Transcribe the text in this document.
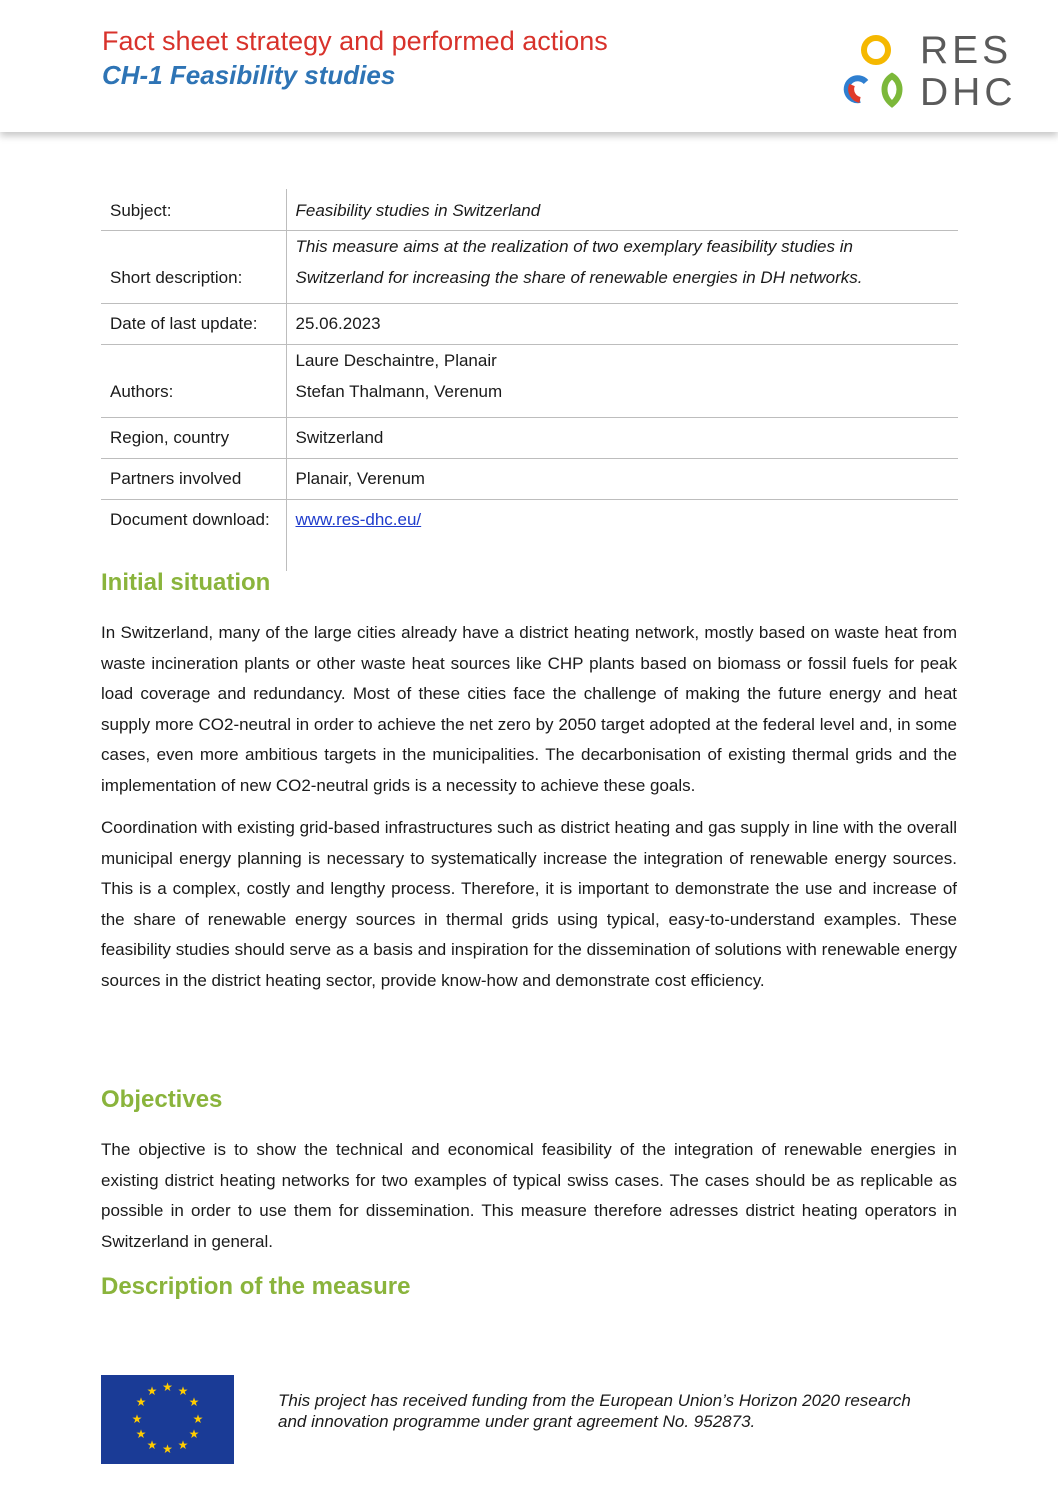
Fact sheet strategy and performed actions
CH-1 Feasibility studies
RES
DHC
Subject:	Feasibility studies in Switzerland
Short description:	This measure aims at the realization of two exemplary feasibility studies in
Switzerland for increasing the share of renewable energies in DH networks.

Date of last update:	25.06.2023
Authors:	Laure Deschaintre, Planair
Stefan Thalmann, Verenum

Region, country	Switzerland
Partners involved	Planair, Verenum
Document download:	www.res-dhc.eu/
Initial situation

In Switzerland, many of the large cities already have a district heating network, mostly based on waste heat from waste incineration plants or other waste heat sources like CHP plants based on biomass or fossil fuels for peak load coverage and redundancy. Most of these cities face the challenge of making the future energy and heat supply more CO2-neutral in order to achieve the net zero by 2050 target adopted at the federal level and, in some cases, even more ambitious targets in the municipalities. The decarbonisation of existing thermal grids and the implementation of new CO2-neutral grids is a necessity to achieve these goals.

Coordination with existing grid-based infrastructures such as district heating and gas supply in line with the overall municipal energy planning is necessary to systematically increase the integration of renewable energy sources. This is a complex, costly and lengthy process. Therefore, it is important to demonstrate the use and increase of the share of renewable energy sources in thermal grids using typical, easy-to-understand examples. These feasibility studies should serve as a basis and inspiration for the dissemination of solutions with renewable energy sources in the district heating sector, provide know-how and demonstrate cost efficiency.

Objectives

The objective is to show the technical and economical feasibility of the integration of renewable energies in existing district heating networks for two examples of typical swiss cases. The cases should be as replicable as possible in order to use them for dissemination. This measure therefore adresses district heating operators in Switzerland in general.

Description of the measure
★ ★
★
★
★
★
★
★
★
★
★
★	This project has received funding from the European Union’s Horizon 2020 research
and innovation programme under grant agreement No. 952873.
